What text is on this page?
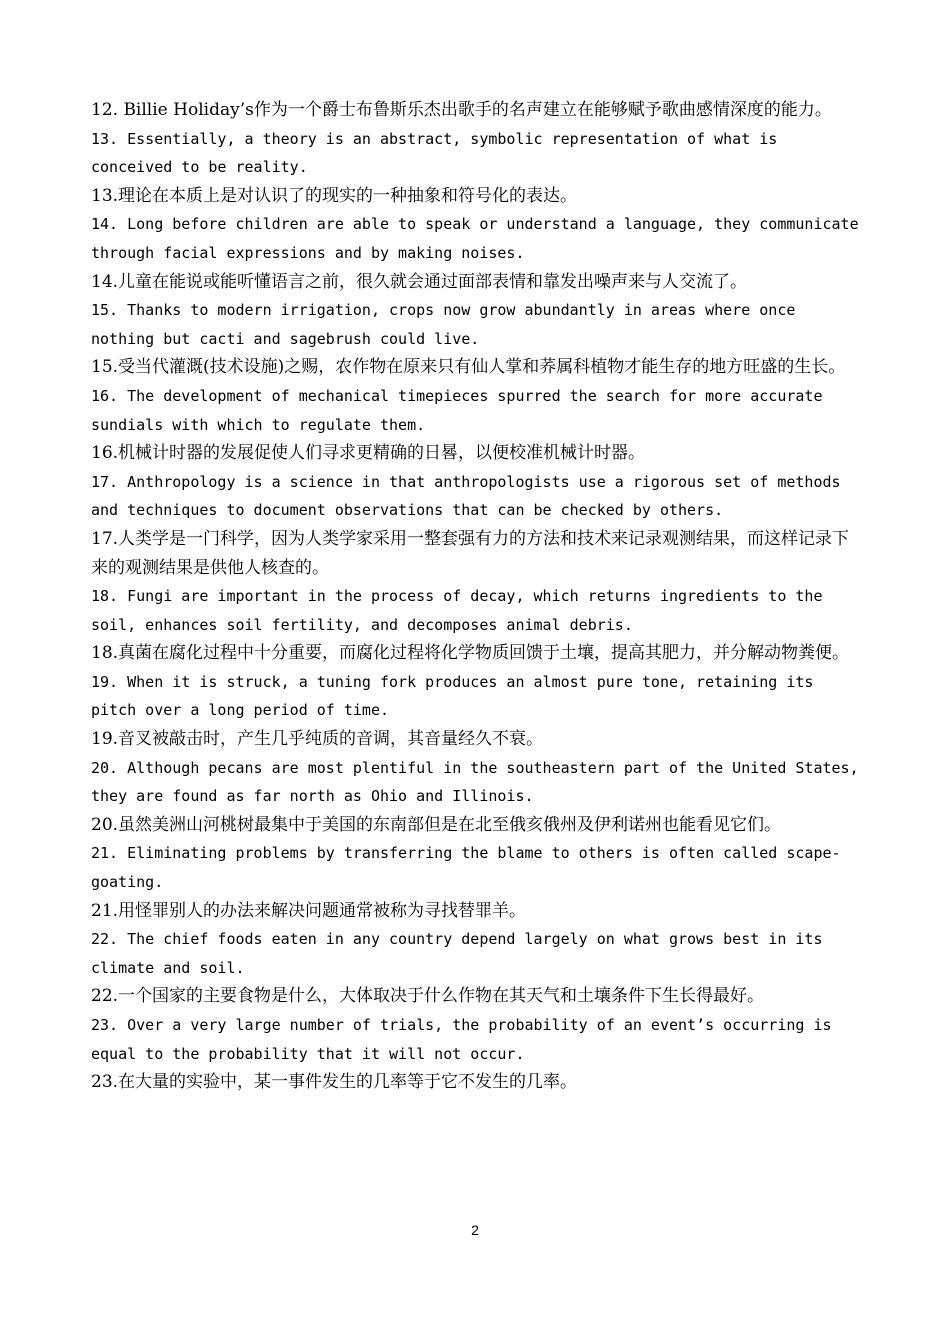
12. Billie Holiday’s作为一个爵士布鲁斯乐杰出歌手的名声建立在能够赋予歌曲感情深度的能力。

13. Essentially, a theory is an abstract, symbolic representation of what is conceived to be reality.

13.理论在本质上是对认识了的现实的一种抽象和符号化的表达。

14. Long before children are able to speak or understand a language, they communicate through facial expressions and by making noises.

14.儿童在能说或能听懂语言之前，很久就会通过面部表情和靠发出噪声来与人交流了。

15. Thanks to modern irrigation, crops now grow abundantly in areas where once nothing but cacti and sagebrush could live.

15.受当代灌溉(技术设施)之赐，农作物在原来只有仙人掌和荞属科植物才能生存的地方旺盛的生长。

16. The development of mechanical timepieces spurred the search for more accurate sundials with which to regulate them.

16.机械计时器的发展促使人们寻求更精确的日晷，以便校准机械计时器。

17. Anthropology is a science in that anthropologists use a rigorous set of methods and techniques to document observations that can be checked by others.

17.人类学是一门科学，因为人类学家采用一整套强有力的方法和技术来记录观测结果，而这样记录下来的观测结果是供他人核查的。

18. Fungi are important in the process of decay, which returns ingredients to the soil, enhances soil fertility, and decomposes animal debris.

18.真菌在腐化过程中十分重要，而腐化过程将化学物质回馈于土壤，提高其肥力，并分解动物粪便。

19. When it is struck, a tuning fork produces an almost pure tone, retaining its pitch over a long period of time.

19.音叉被敲击时，产生几乎纯质的音调，其音量经久不衰。

20. Although pecans are most plentiful in the southeastern part of the United States, they are found as far north as Ohio and Illinois.

20.虽然美洲山河桃树最集中于美国的东南部但是在北至俄亥俄州及伊利诺州也能看见它们。

21. Eliminating problems by transferring the blame to others is often called scape-goating.

21.用怪罪别人的办法来解决问题通常被称为寻找替罪羊。

22. The chief foods eaten in any country depend largely on what grows best in its climate and soil.

22.一个国家的主要食物是什么，大体取决于什么作物在其天气和土壤条件下生长得最好。

23. Over a very large number of trials, the probability of an event’s occurring is equal to the probability that it will not occur.

23.在大量的实验中，某一事件发生的几率等于它不发生的几率。

2
